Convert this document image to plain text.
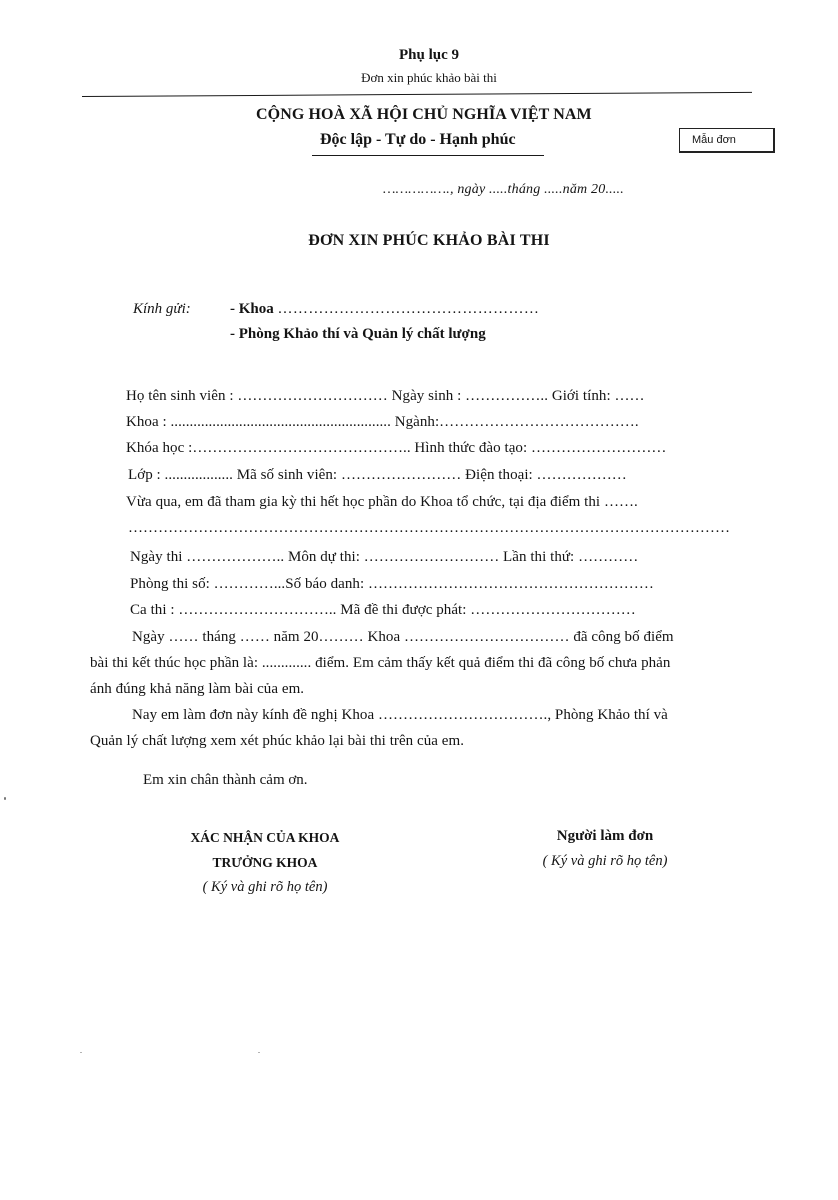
Phụ lục 9
Đơn xin phúc khảo bài thi
CỘNG HOÀ XÃ HỘI CHỦ NGHĨA VIỆT NAM
Độc lập - Tự do - Hạnh phúc	Mẫu đơn
……………., ngày .....tháng .....năm 20.....
ĐƠN XIN PHÚC KHẢO BÀI THI
Kính gửi:	- Khoa ……………………………………………
- Phòng Khảo thí và Quản lý chất lượng
Họ tên sinh viên : ………………………… Ngày sinh : …………….. Giới tính: ……
Khoa : .......................................................... Ngành:………………………………….
Khóa học :…………………………………….. Hình thức đào tạo: ………………………
Lớp : .................. Mã số sinh viên: …………………… Điện thoại: ………………
Vừa qua, em đã tham gia kỳ thi hết học phần do Khoa tổ chức, tại địa điểm thi …….
…………………………………………………………………………………………………………
Ngày thi ……………….. Môn dự thi: ……………………… Lần thi thứ: …………
Phòng thi số: …………...Số báo danh: …………………………………………………
Ca thi : ………………………….. Mã đề thi được phát: ……………………………
Ngày …… tháng …… năm 20……… Khoa …………………………… đã công bố điểm
bài thi kết thúc học phần là: ............. điểm. Em cảm thấy kết quả điểm thi đã công bố chưa phản
ánh đúng khả năng làm bài của em.
Nay em làm đơn này kính đề nghị Khoa ……………………………., Phòng Khảo thí và
Quản lý chất lượng xem xét phúc khảo lại bài thi trên của em.
Em xin chân thành cảm ơn.
XÁC NHẬN CỦA KHOA
TRƯỞNG KHOA
( Ký và ghi rõ họ tên)
Người làm đơn
( Ký và ghi rõ họ tên)
